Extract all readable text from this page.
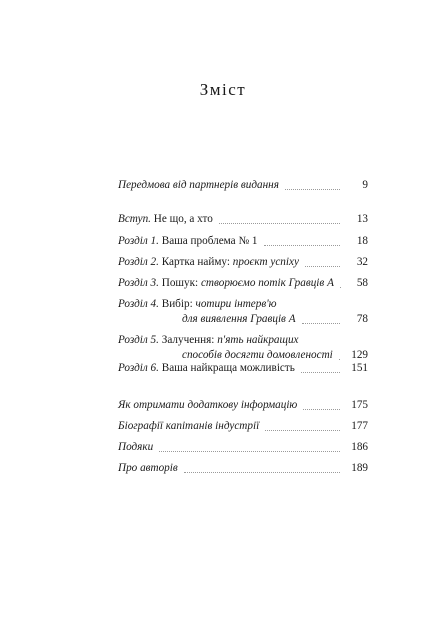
Зміст
Передмова від партнерів видання	9
Вступ. Не що, а хто	13
Розділ 1. Ваша проблема № 1	18
Розділ 2. Картка найму: проєкт успіху	32
Розділ 3. Пошук: створюємо потік Гравців А	58
Розділ 4. Вибір: чотири інтерв'ю
для виявлення Гравців А	78
Розділ 5. Залучення: п'ять найкращих
способів досягти домовленості	129
Розділ 6. Ваша найкраща можливість	151
Як отримати додаткову інформацію	175
Біографії капітанів індустрії	177
Подяки	186
Про авторів	189
